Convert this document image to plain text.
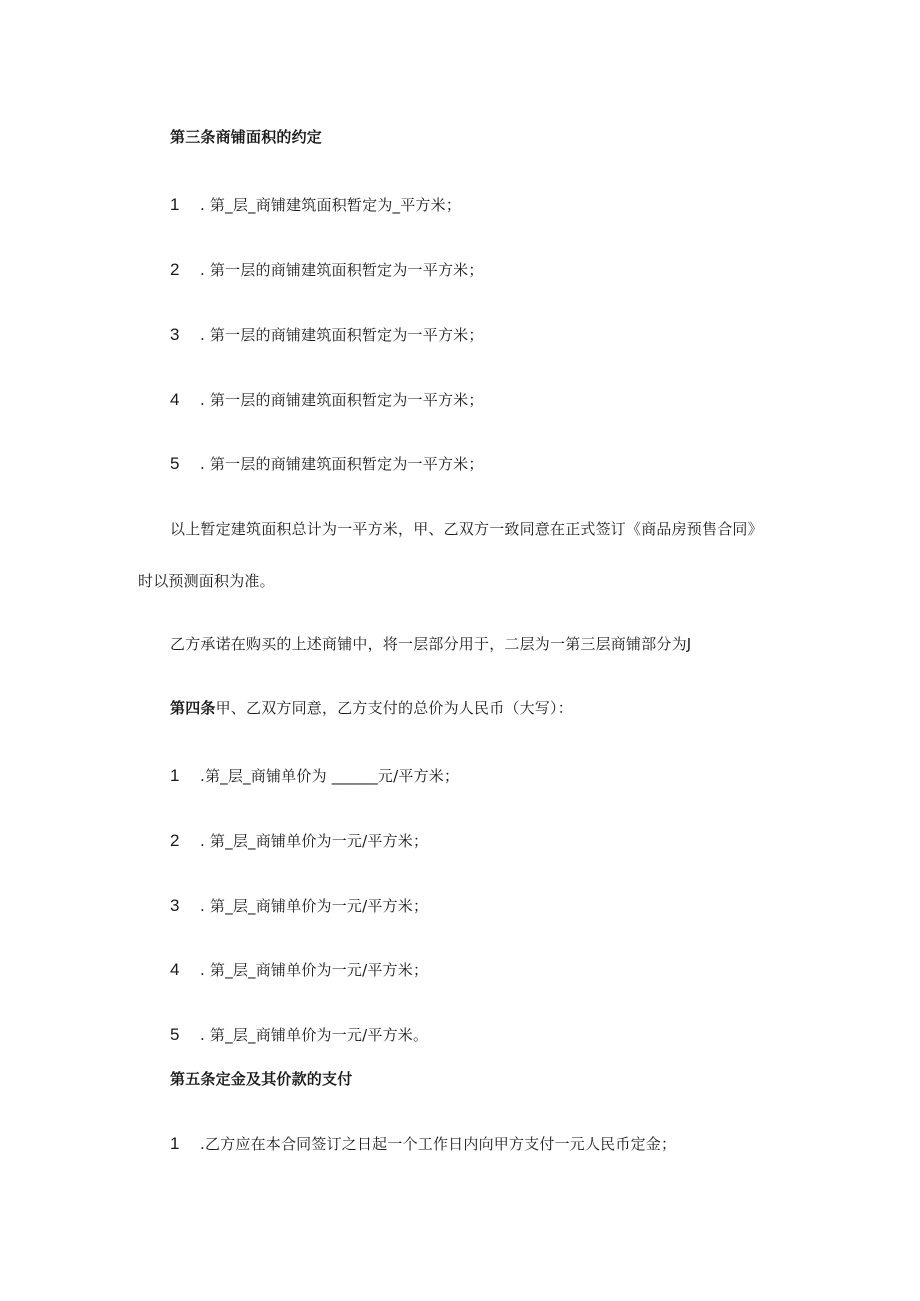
第三条商铺面积的约定
1	. 第_层_商铺建筑面积暂定为_平方米；
2	. 第一层的商铺建筑面积暂定为一平方米；
3	. 第一层的商铺建筑面积暂定为一平方米；
4	. 第一层的商铺建筑面积暂定为一平方米；
5	. 第一层的商铺建筑面积暂定为一平方米；
以上暂定建筑面积总计为一平方米，甲、乙双方一致同意在正式签订《商品房预售合同》
时以预测面积为准。
乙方承诺在购买的上述商铺中，将一层部分用于，二层为一第三层商铺部分为J
第四条甲、乙双方同意，乙方支付的总价为人民币（大写）：
1	.第_层_商铺单价为 ______元/平方米；
2	. 第_层_商铺单价为一元/平方米；
3	. 第_层_商铺单价为一元/平方米；
4	. 第_层_商铺单价为一元/平方米；
5	. 第_层_商铺单价为一元/平方米。
第五条定金及其价款的支付
1	.乙方应在本合同签订之日起一个工作日内向甲方支付一元人民币定金；
